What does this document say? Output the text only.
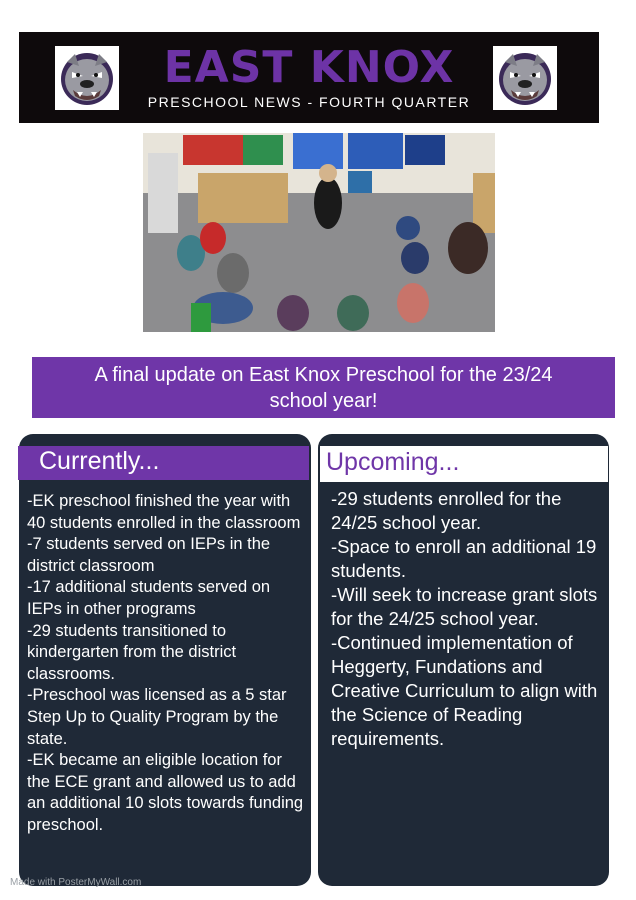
EAST KNOX
PRESCHOOL NEWS - FOURTH QUARTER
A final update on East Knox Preschool for the 23/24 school year!
Currently...	Upcoming...
-EK preschool finished the year with 40 students enrolled in the classroom
-7 students served on IEPs in the district classroom
-17 additional students served on IEPs in other programs
-29 students transitioned to kindergarten from the district classrooms.
-Preschool was licensed as a 5 star Step Up to Quality Program by the state.
-EK became an eligible location for the ECE grant and allowed us to add an additional 10 slots towards funding preschool.
-29 students enrolled for the 24/25 school year.
-Space to enroll an additional 19 students.
-Will seek to increase grant slots for the 24/25 school year.
-Continued implementation of Heggerty, Fundations and Creative Curriculum to align with the Science of Reading requirements.
Made with PosterMyWall.com
